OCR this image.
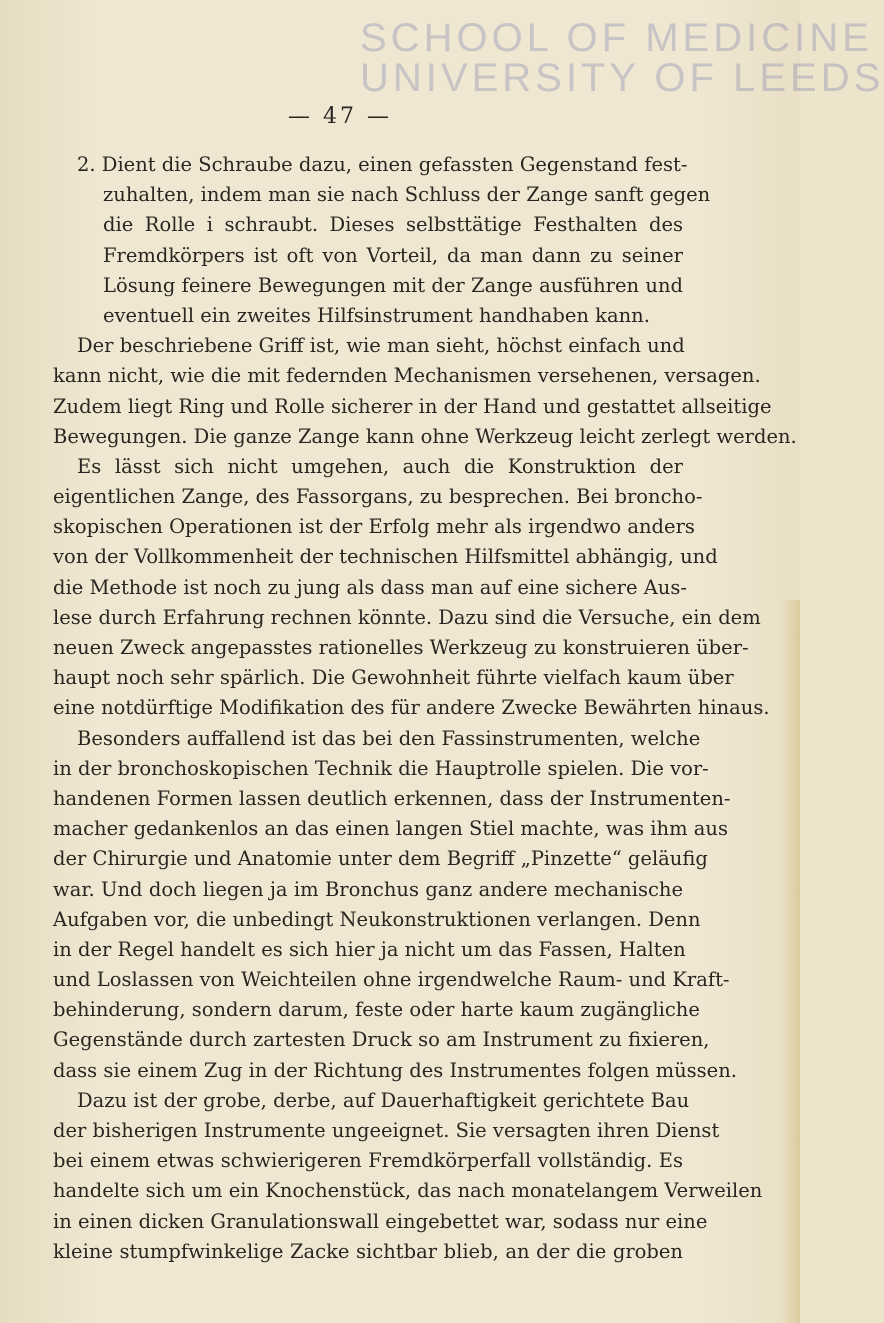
SCHOOL OF MEDICINE
UNIVERSITY OF LEEDS
— 47 —
2. Dient die Schraube dazu, einen gefassten Gegenstand fest-
zuhalten, indem man sie nach Schluss der Zange sanft gegen
die Rolle i schraubt. Dieses selbsttätige Festhalten des
Fremdkörpers ist oft von Vorteil, da man dann zu seiner
Lösung feinere Bewegungen mit der Zange ausführen und
eventuell ein zweites Hilfsinstrument handhaben kann.
Der beschriebene Griff ist, wie man sieht, höchst einfach und
kann nicht, wie die mit federnden Mechanismen versehenen, versagen.
Zudem liegt Ring und Rolle sicherer in der Hand und gestattet allseitige
Bewegungen. Die ganze Zange kann ohne Werkzeug leicht zerlegt werden.
Es lässt sich nicht umgehen, auch die Konstruktion der
eigentlichen Zange, des Fassorgans, zu besprechen. Bei broncho-
skopischen Operationen ist der Erfolg mehr als irgendwo anders
von der Vollkommenheit der technischen Hilfsmittel abhängig, und
die Methode ist noch zu jung als dass man auf eine sichere Aus-
lese durch Erfahrung rechnen könnte. Dazu sind die Versuche, ein dem
neuen Zweck angepasstes rationelles Werkzeug zu konstruieren über-
haupt noch sehr spärlich. Die Gewohnheit führte vielfach kaum über
eine notdürftige Modifikation des für andere Zwecke Bewährten hinaus.
Besonders auffallend ist das bei den Fassinstrumenten, welche
in der bronchoskopischen Technik die Hauptrolle spielen. Die vor-
handenen Formen lassen deutlich erkennen, dass der Instrumenten-
macher gedankenlos an das einen langen Stiel machte, was ihm aus
der Chirurgie und Anatomie unter dem Begriff „Pinzette“ geläufig
war. Und doch liegen ja im Bronchus ganz andere mechanische
Aufgaben vor, die unbedingt Neukonstruktionen verlangen. Denn
in der Regel handelt es sich hier ja nicht um das Fassen, Halten
und Loslassen von Weichteilen ohne irgendwelche Raum- und Kraft-
behinderung, sondern darum, feste oder harte kaum zugängliche
Gegenstände durch zartesten Druck so am Instrument zu fixieren,
dass sie einem Zug in der Richtung des Instrumentes folgen müssen.
Dazu ist der grobe, derbe, auf Dauerhaftigkeit gerichtete Bau
der bisherigen Instrumente ungeeignet. Sie versagten ihren Dienst
bei einem etwas schwierigeren Fremdkörperfall vollständig. Es
handelte sich um ein Knochenstück, das nach monatelangem Verweilen
in einen dicken Granulationswall eingebettet war, sodass nur eine
kleine stumpfwinkelige Zacke sichtbar blieb, an der die groben
